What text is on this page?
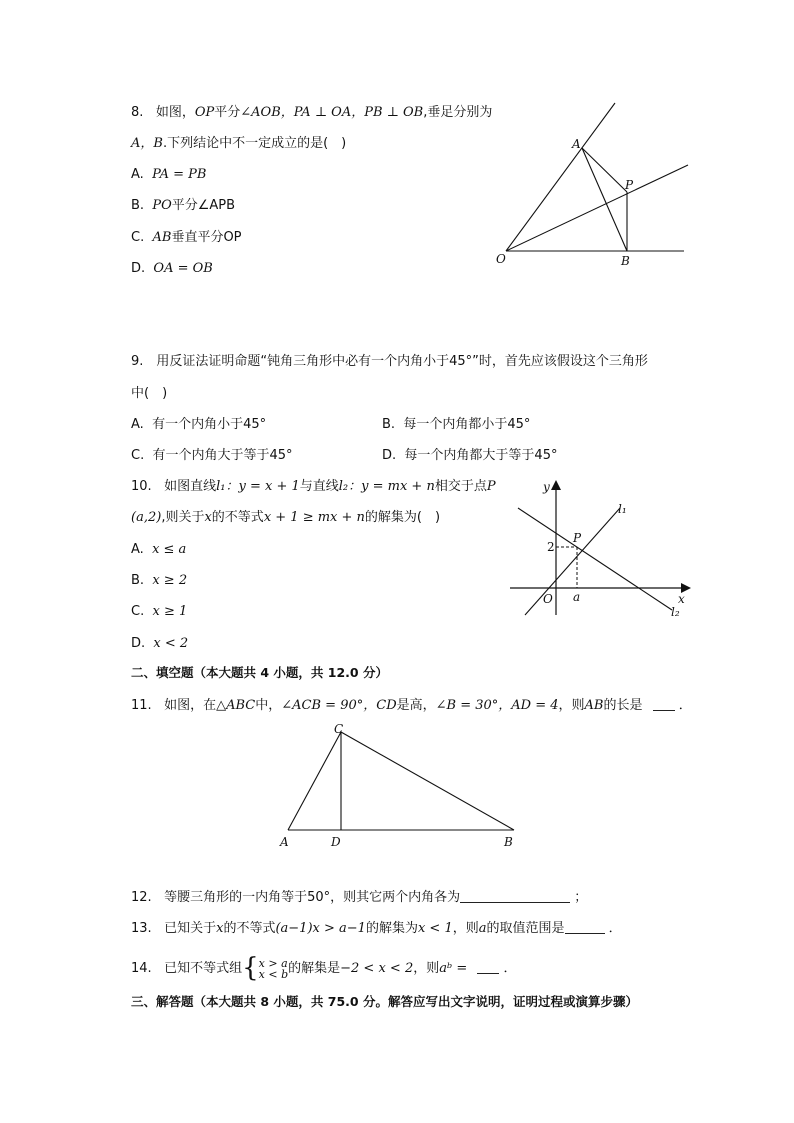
8. 如图，OP平分∠AOB，PA ⊥ OA，PB ⊥ OB,垂足分别为
A，B.下列结论中不一定成立的是(　)
A. PA = PB
B. PO平分∠APB
C. AB垂直平分OP
D. OA = OB
A
P
O	B
9.　用反证法证明命题“钝角三角形中必有一个内角小于45°”时，首先应该假设这个三角形
中(　)
A. 有一个内角小于45°	B. 每一个内角都小于45°
C. 有一个内角大于等于45°	D. 每一个内角都大于等于45°
10. 如图直线l₁：y = x + 1与直线l₂：y = mx + n相交于点P
(a,2),则关于x的不等式x + 1 ≥ mx + n的解集为(　)
A. x ≤ a
B. x ≥ 2
C. x ≥ 1
D. x < 2
y
x
O
P
2
a
l₁
l₂
二、填空题（本大题共 4 小题，共 12.0 分）
11. 如图，在△ABC中，∠ACB = 90°，CD是高，∠B = 30°，AD = 4，则AB的长是	．
C
A	D	B
12. 等腰三角形的一内角等于50°，则其它两个内角各为	；
13. 已知关于x的不等式(a−1)x > a−1的解集为x < 1，则a的取值范围是	．
14. 已知不等式组{x > a
x < b的解集是−2 < x < 2，则aᵇ =	．
三、解答题（本大题共 8 小题，共 75.0 分。解答应写出文字说明，证明过程或演算步骤）
